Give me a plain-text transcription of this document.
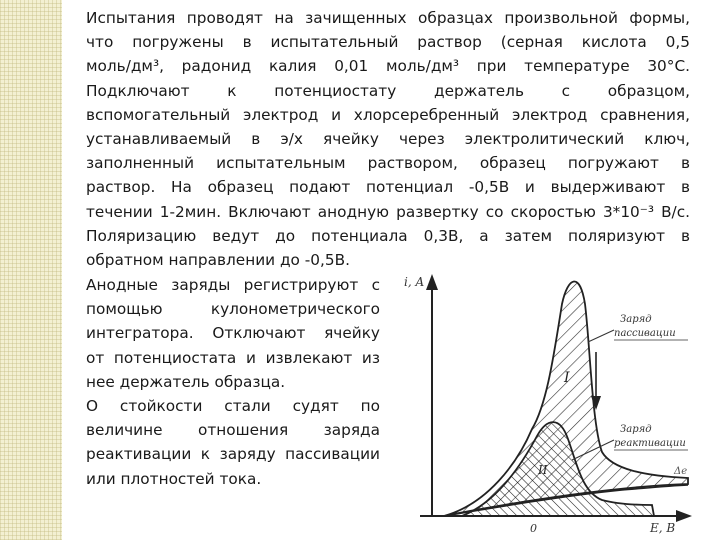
Испытания проводят на зачищенных образцах произвольной формы,
что погружены в испытательный раствор (серная кислота 0,5
моль/дм³, радонид калия 0,01 моль/дм³ при температуре 30°С.
Подключают к потенциостату держатель с образцом,
вспомогательный электрод и хлорсеребренный электрод сравнения,
устанавливаемый в э/х ячейку через электролитический ключ,
заполненный испытательным раствором, образец погружают в
раствор. На образец подают потенциал -0,5В и выдерживают в
течении 1-2мин. Включают анодную развертку со скоростью 3*10⁻³ В/с.
Поляризацию ведут до потенциала 0,3В, а затем поляризуют в
обратном направлении до -0,5В.
Анодные заряды регистрируют с
помощью кулонометрического
интегратора. Отключают ячейку
от потенциостата и извлекают из
нее держатель образца.
О стойкости стали судят по
величине отношения заряда
реактивации к заряду пассивации
или плотностей тока.
i, A
E, B
0
I
II
Заряд
пассивации
Заряд
реактивации
Δe
